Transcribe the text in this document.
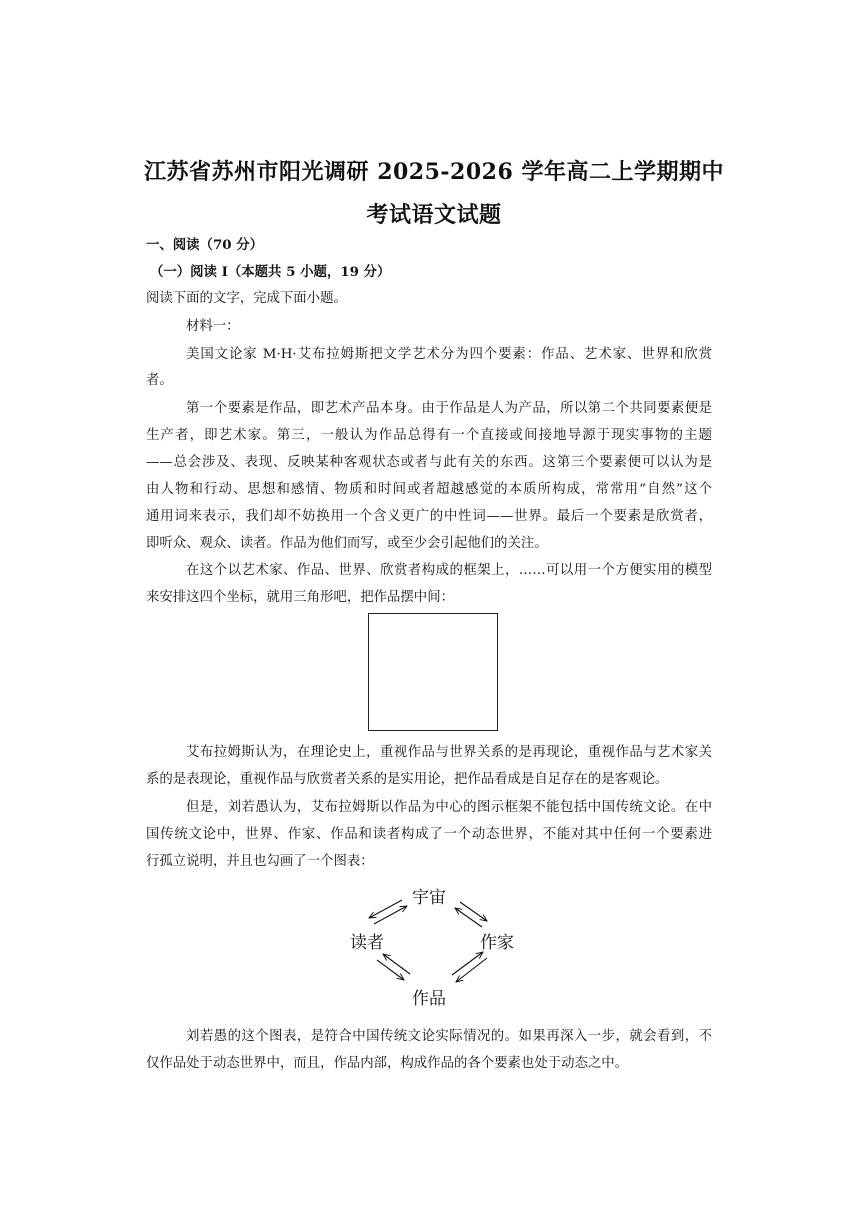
江苏省苏州市阳光调研 2025-2026 学年高二上学期期中
考试语文试题
一、阅读（70 分）
（一）阅读 I（本题共 5 小题，19 分）
阅读下面的文字，完成下面小题。
材料一：
美国文论家 M·H·艾布拉姆斯把文学艺术分为四个要素：作品、艺术家、世界和欣赏
者。
第一个要素是作品，即艺术产品本身。由于作品是人为产品，所以第二个共同要素便是
生产者，即艺术家。第三，一般认为作品总得有一个直接或间接地导源于现实事物的主题
——总会涉及、表现、反映某种客观状态或者与此有关的东西。这第三个要素便可以认为是
由人物和行动、思想和感情、物质和时间或者超越感觉的本质所构成，常常用“自然”这个
通用词来表示，我们却不妨换用一个含义更广的中性词——世界。最后一个要素是欣赏者，
即听众、观众、读者。作品为他们而写，或至少会引起他们的关注。
在这个以艺术家、作品、世界、欣赏者构成的框架上，……可以用一个方便实用的模型
来安排这四个坐标，就用三角形吧，把作品摆中间：
艾布拉姆斯认为，在理论史上，重视作品与世界关系的是再现论，重视作品与艺术家关
系的是表现论，重视作品与欣赏者关系的是实用论，把作品看成是自足存在的是客观论。
但是，刘若愚认为，艾布拉姆斯以作品为中心的图示框架不能包括中国传统文论。在中
国传统文论中，世界、作家、作品和读者构成了一个动态世界，不能对其中任何一个要素进
行孤立说明，并且也勾画了一个图表：
宇宙
读者	作家
作品
刘若愚的这个图表，是符合中国传统文论实际情况的。如果再深入一步，就会看到，不
仅作品处于动态世界中，而且，作品内部，构成作品的各个要素也处于动态之中。
